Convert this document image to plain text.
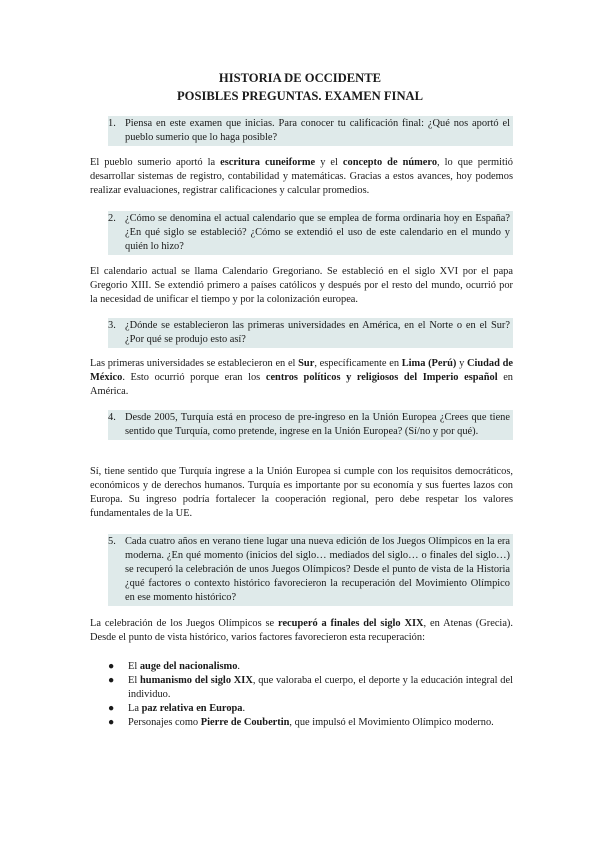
HISTORIA DE OCCIDENTE
POSIBLES PREGUNTAS. EXAMEN FINAL
1. Piensa en este examen que inicias. Para conocer tu calificación final: ¿Qué nos aportó el pueblo sumerio que lo haga posible?
El pueblo sumerio aportó la escritura cuneiforme y el concepto de número, lo que permitió desarrollar sistemas de registro, contabilidad y matemáticas. Gracias a estos avances, hoy podemos realizar evaluaciones, registrar calificaciones y calcular promedios.
2. ¿Cómo se denomina el actual calendario que se emplea de forma ordinaria hoy en España? ¿En qué siglo se estableció? ¿Cómo se extendió el uso de este calendario en el mundo y quién lo hizo?
El calendario actual se llama Calendario Gregoriano. Se estableció en el siglo XVI por el papa Gregorio XIII. Se extendió primero a países católicos y después por el resto del mundo, ocurrió por la necesidad de unificar el tiempo y por la colonización europea.
3. ¿Dónde se establecieron las primeras universidades en América, en el Norte o en el Sur? ¿Por qué se produjo esto así?
Las primeras universidades se establecieron en el Sur, específicamente en Lima (Perú) y Ciudad de México. Esto ocurrió porque eran los centros políticos y religiosos del Imperio español en América.
4. Desde 2005, Turquía está en proceso de pre-ingreso en la Unión Europea ¿Crees que tiene sentido que Turquía, como pretende, ingrese en la Unión Europea? (Sí/no y por qué).
Sí, tiene sentido que Turquía ingrese a la Unión Europea si cumple con los requisitos democráticos, económicos y de derechos humanos. Turquía es importante por su economía y sus fuertes lazos con Europa. Su ingreso podría fortalecer la cooperación regional, pero debe respetar los valores fundamentales de la UE.
5. Cada cuatro años en verano tiene lugar una nueva edición de los Juegos Olímpicos en la era moderna. ¿En qué momento (inicios del siglo… mediados del siglo… o finales del siglo…) se recuperó la celebración de unos Juegos Olímpicos? Desde el punto de vista de la Historia ¿qué factores o contexto histórico favorecieron la recuperación del Movimiento Olímpico en ese momento histórico?
La celebración de los Juegos Olímpicos se recuperó a finales del siglo XIX, en Atenas (Grecia). Desde el punto de vista histórico, varios factores favorecieron esta recuperación:
● El auge del nacionalismo.
● El humanismo del siglo XIX, que valoraba el cuerpo, el deporte y la educación integral del individuo.
● La paz relativa en Europa.
● Personajes como Pierre de Coubertin, que impulsó el Movimiento Olímpico moderno.
